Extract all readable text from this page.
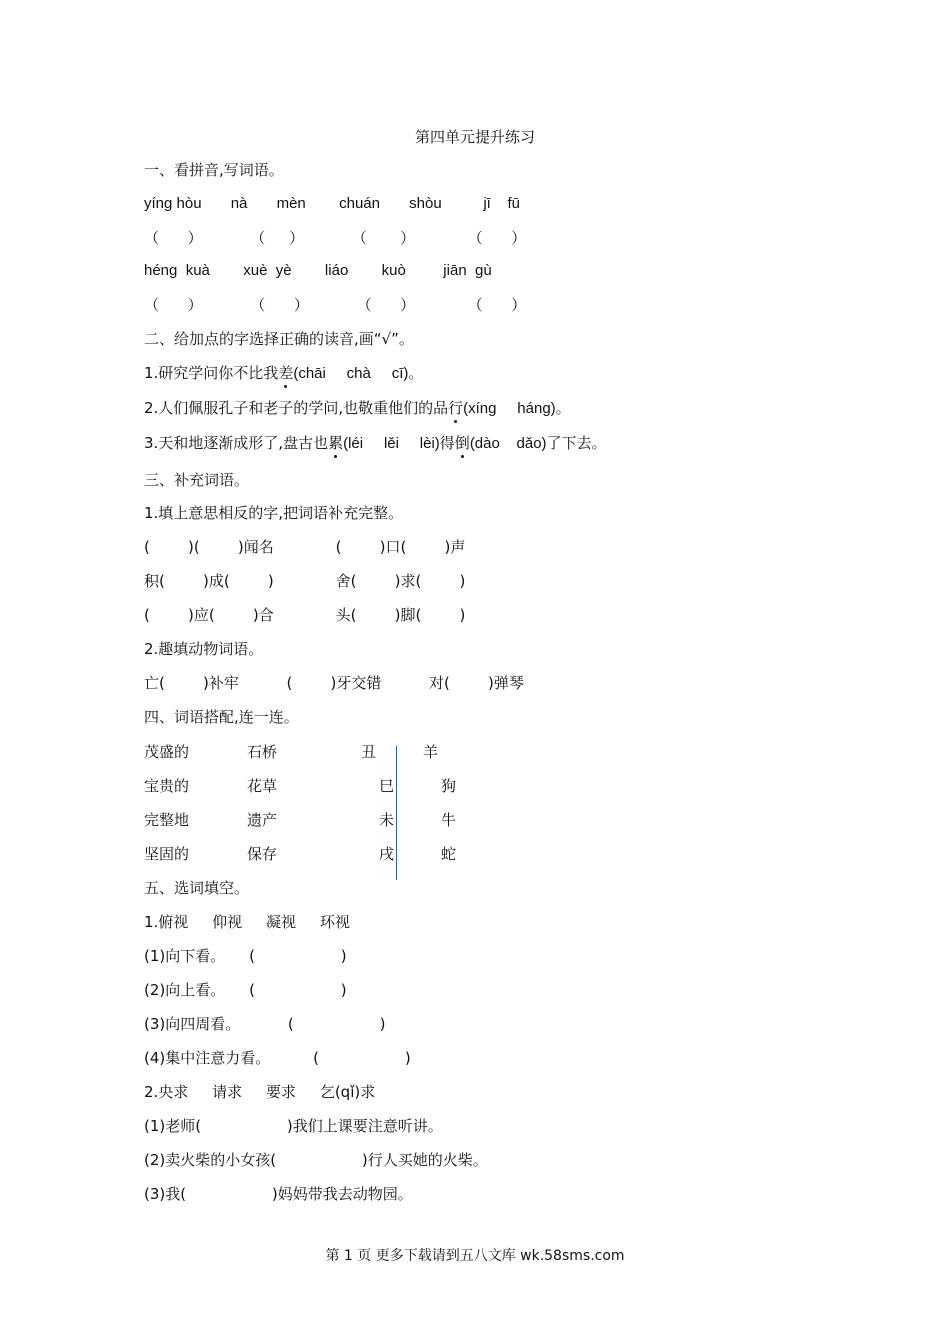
第四单元提升练习
一、看拼音,写词语。
yíng hòu       nà       mèn        chuán       shòu          jī    fū
（      ）          （     ）          （       ）           （      ）
héng  kuà        xuè  yè        liáo        kuò         jiān  gù
（      ）          （      ）          （      ）           （      ）
二、给加点的字选择正确的读音,画“√”。
1.研究学问你不比我差(chāi     chà     cī)。
2.人们佩服孔子和老子的学问,也敬重他们的品行(xíng     háng)。
3.天和地逐渐成形了,盘古也累(léi     lěi     lèi)得倒(dào    dǎo)了下去。
三、补充词语。
1.填上意思相反的字,把词语补充完整。
(        )(        )闻名             (        )口(        )声
积(        )成(        )             舍(        )求(        )
(        )应(        )合             头(        )脚(        )
2.趣填动物词语。
亡(        )补牢          (        )牙交错          对(        )弹琴
四、词语搭配,连一连。
茂盛的
宝贵的
完整地
坚固的
石桥
花草
遗产
保存
丑
巳
未
戌
羊
狗
牛
蛇
五、选词填空。
1.俯视     仰视     凝视     环视
(1)向下看。     (                  )
(2)向上看。     (                  )
(3)向四周看。          (                  )
(4)集中注意力看。         (                  )
2.央求     请求     要求     乞(qǐ)求
(1)老师(                  )我们上课要注意听讲。
(2)卖火柴的小女孩(                  )行人买她的火柴。
(3)我(                  )妈妈带我去动物园。
第 1 页 更多下载请到五八文库 wk.58sms.com
